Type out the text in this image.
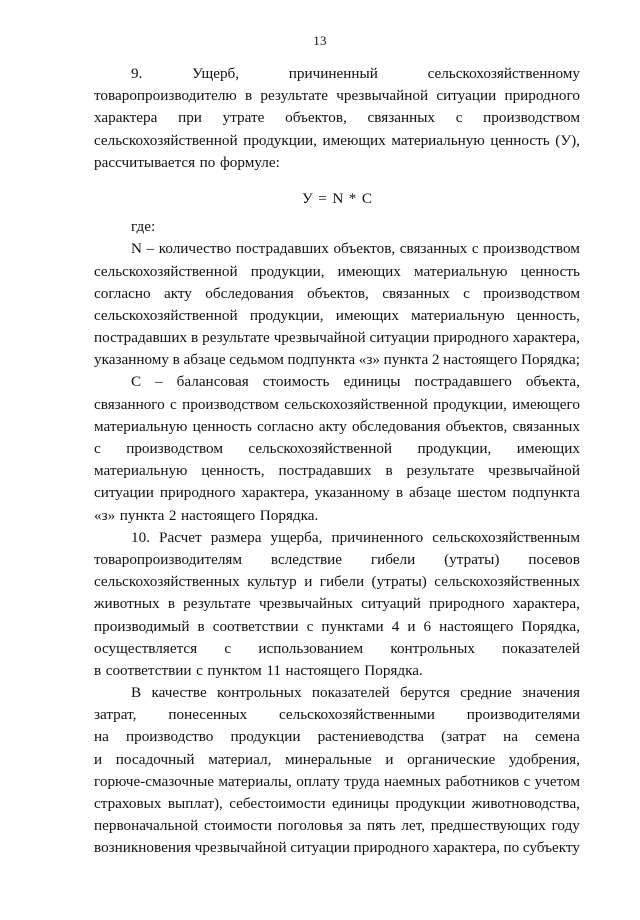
13
9.	Ущерб,	причиненный	сельскохозяйственному
товаропроизводителю в результате чрезвычайной ситуации природного
характера при утрате объектов, связанных с производством
сельскохозяйственной продукции, имеющих материальную ценность (У),
рассчитывается по формуле:
У = N * С
где:
N – количество пострадавших объектов, связанных с производством
сельскохозяйственной продукции, имеющих материальную ценность
согласно акту обследования объектов, связанных с производством
сельскохозяйственной продукции, имеющих материальную ценность,
пострадавших в результате чрезвычайной ситуации природного характера,
указанному в абзаце седьмом подпункта «з» пункта 2 настоящего Порядка;
С – балансовая стоимость единицы пострадавшего объекта,
связанного с производством сельскохозяйственной продукции, имеющего
материальную ценность согласно акту обследования объектов, связанных
с производством сельскохозяйственной продукции, имеющих
материальную ценность, пострадавших в результате чрезвычайной
ситуации природного характера, указанному в абзаце шестом подпункта
«з» пункта 2 настоящего Порядка.
10. Расчет размера ущерба, причиненного сельскохозяйственным
товаропроизводителям вследствие гибели (утраты) посевов
сельскохозяйственных культур и гибели (утраты) сельскохозяйственных
животных в результате чрезвычайных ситуаций природного характера,
производимый в соответствии с пунктами 4 и 6 настоящего Порядка,
осуществляется с использованием контрольных показателей
в соответствии с пунктом 11 настоящего Порядка.
В качестве контрольных показателей берутся средние значения
затрат, понесенных сельскохозяйственными производителями
на производство продукции растениеводства (затрат на семена
и посадочный материал, минеральные и органические удобрения,
горюче-смазочные материалы, оплату труда наемных работников с учетом
страховых выплат), себестоимости единицы продукции животноводства,
первоначальной стоимости поголовья за пять лет, предшествующих году
возникновения чрезвычайной ситуации природного характера, по субъекту
